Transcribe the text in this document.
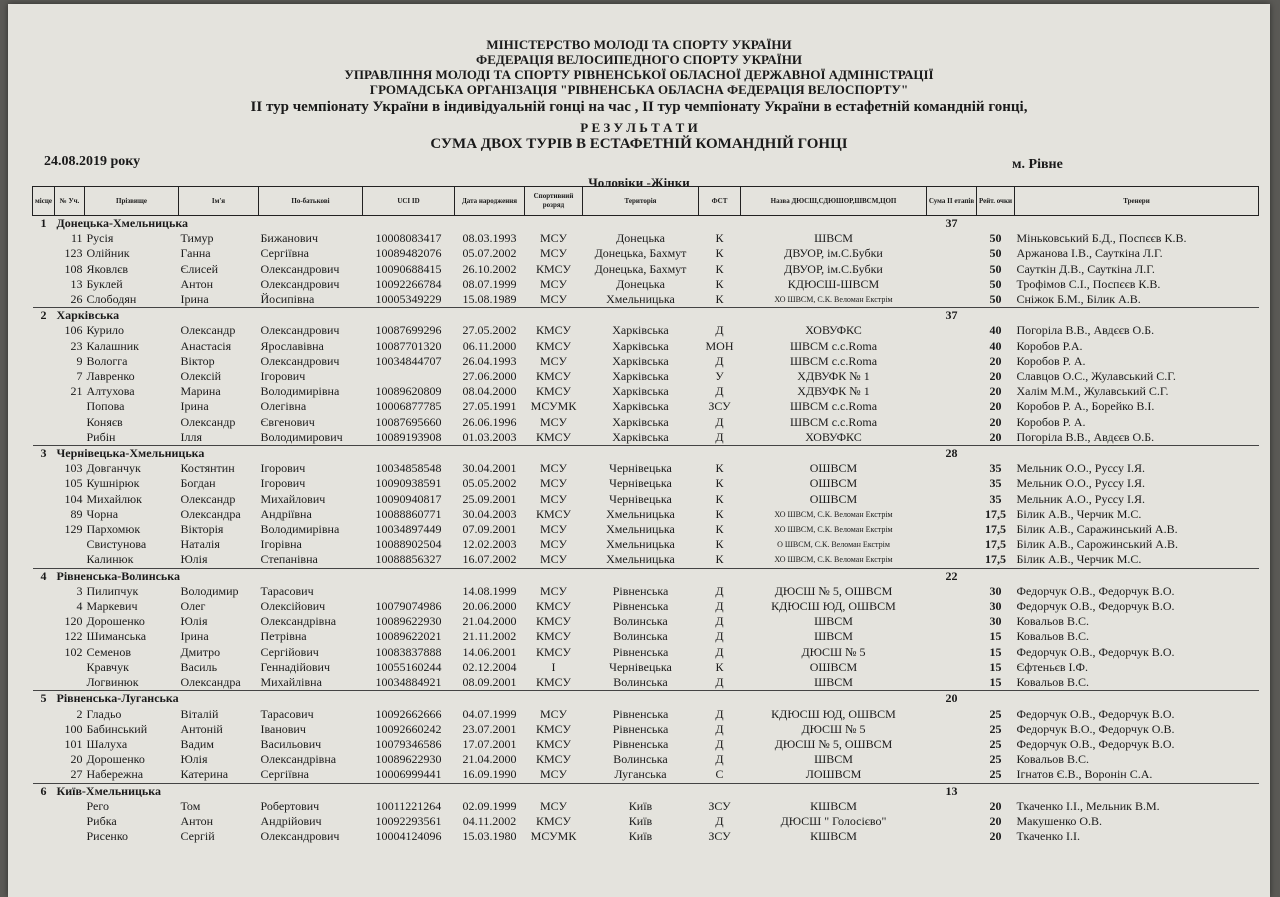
МІНІСТЕРСТВО МОЛОДІ ТА СПОРТУ УКРАЇНИ
ФЕДЕРАЦІЯ ВЕЛОСИПЕДНОГО СПОРТУ УКРАЇНИ
УПРАВЛІННЯ МОЛОДІ ТА СПОРТУ РІВНЕНСЬКОЇ ОБЛАСНОЇ ДЕРЖАВНОЇ АДМІНІСТРАЦІЇ
ГРОМАДСЬКА ОРГАНІЗАЦІЯ "РІВНЕНСЬКА ОБЛАСНА ФЕДЕРАЦІЯ ВЕЛОСПОРТУ"
ІІ тур чемпіонату України в індивідуальній гонці на час , ІІ тур чемпіонату України в естафетній командній гонці,
Р Е З У Л Ь Т А Т И
СУМА ДВОХ ТУРІВ В ЕСТАФЕТНІЙ КОМАНДНІЙ ГОНЦІ
24.08.2019 року	м. Рівне
Чоловіки -Жінки
місце	№ Уч.	Прізвище	Ім'я	По-батькові	UCI ID	Дата народження	Спортивний розряд	Територія	ФСТ	Назва ДЮСШ,СДЮШОР,ШВСМ,ЦОП	Сума ІІ етапів	Рейт. очки	Тренери
1	Донецька-Хмельницька										37		
	11	Русія	Тимур	Бижанович	10008083417	08.03.1993	МСУ	Донецька	К	ШВСМ		50	Міньковський Б.Д., Поспєєв К.В.
	123	Олійник	Ганна	Сергіївна	10089482076	05.07.2002	МСУ	Донецька, Бахмут	К	ДВУОР, ім.С.Бубки		50	Аржанова І.В., Сауткіна Л.Г.
	108	Яковлєв	Єлисей	Олександрович	10090688415	26.10.2002	КМСУ	Донецька, Бахмут	К	ДВУОР, ім.С.Бубки		50	Сауткін Д.В., Сауткіна Л.Г.
	13	Буклей	Антон	Олександрович	10092266784	08.07.1999	МСУ	Донецька	К	КДЮСШ-ШВСМ		50	Трофімов С.І., Поспєєв К.В.
	26	Слободян	Ірина	Йосипівна	10005349229	15.08.1989	МСУ	Хмельницька	К	ХО ШВСМ, С.К. Веломан Екстрім		50	Сніжок Б.М., Білик А.В.
2	Харківська										37		
	106	Курило	Олександр	Олександрович	10087699296	27.05.2002	КМСУ	Харківська	Д	ХОВУФКС		40	Погорiла В.В., Авдєєв О.Б.
	23	Калашник	Анастасія	Ярославівна	10087701320	06.11.2000	КМСУ	Харківська	МОН	ШВСМ с.с.Roma		40	Коробов Р.А.
	9	Вологга	Віктор	Олександрович	10034844707	26.04.1993	МСУ	Харківська	Д	ШВСМ с.с.Roma		20	Коробов Р. А.
	7	Лавренко	Олексій	Ігорович		27.06.2000	КМСУ	Харківська	У	ХДВУФК № 1		20	Славцов О.С., Жулавський С.Г.
	21	Алтухова	Марина	Володимирівна	10089620809	08.04.2000	КМСУ	Харківська	Д	ХДВУФК № 1		20	Халiм М.М., Жулавський С.Г.
		Попова	Ірина	Олегівна	10006877785	27.05.1991	МСУМК	Харківська	ЗСУ	ШВСМ с.с.Roma		20	Коробов Р. А., Борейко В.І.
		Коняєв	Олександр	Євгенович	10087695660	26.06.1996	МСУ	Харківська	Д	ШВСМ с.с.Roma		20	Коробов Р. А.
		Рибін	Ілля	Володимирович	10089193908	01.03.2003	КМСУ	Харківська	Д	ХОВУФКС		20	Погорiла В.В., Авдєєв О.Б.
3	Чернівецька-Хмельницька										28		
	103	Довганчук	Костянтин	Ігорович	10034858548	30.04.2001	МСУ	Чернівецька	К	ОШВСМ		35	Мельник О.О., Руссу І.Я.
	105	Кушнірюк	Богдан	Ігорович	10090938591	05.05.2002	МСУ	Чернівецька	К	ОШВСМ		35	Мельник О.О., Руссу І.Я.
	104	Михайлюк	Олександр	Михайлович	10090940817	25.09.2001	МСУ	Чернівецька	К	ОШВСМ		35	Мельник А.О., Руссу І.Я.
	89	Чорна	Олександра	Андріївна	10088860771	30.04.2003	КМСУ	Хмельницька	К	ХО ШВСМ, С.К. Веломан Екстрім		17,5	Білик А.В., Черчик М.С.
	129	Пархомюк	Вікторія	Володимирівна	10034897449	07.09.2001	МСУ	Хмельницька	К	ХО ШВСМ, С.К. Веломан Екстрім		17,5	Білик А.В., Саражинський А.В.
		Свистунова	Наталія	Ігорівна	10088902504	12.02.2003	МСУ	Хмельницька	К	О ШВСМ, С.К. Веломан Екстрім		17,5	Білик А.В., Сарожинський А.В.
		Калинюк	Юлія	Степанівна	10088856327	16.07.2002	МСУ	Хмельницька	К	ХО ШВСМ, С.К. Веломан Екстрім		17,5	Білик А.В., Черчик М.С.
4	Рівненська-Волинська										22		
	3	Пилипчук	Володимир	Тарасович		14.08.1999	МСУ	Рівненська	Д	ДЮСШ № 5, ОШВСМ		30	Федорчук О.В., Федорчук В.О.
	4	Маркевич	Олег	Олексійович	10079074986	20.06.2000	КМСУ	Рівненська	Д	КДЮСШ ЮД, ОШВСМ		30	Федорчук О.В., Федорчук В.О.
	120	Дорошенко	Юлія	Олександрівна	10089622930	21.04.2000	КМСУ	Волинська	Д	ШВСМ		30	Ковальов В.С.
	122	Шиманська	Ірина	Петрівна	10089622021	21.11.2002	КМСУ	Волинська	Д	ШВСМ		15	Ковальов В.С.
	102	Семенов	Дмитро	Сергійович	10083837888	14.06.2001	КМСУ	Рівненська	Д	ДЮСШ № 5		15	Федорчук О.В., Федорчук В.О.
		Кравчук	Василь	Геннадійович	10055160244	02.12.2004	І	Чернівецька	К	ОШВСМ		15	Єфтеньєв І.Ф.
		Логвинюк	Олександра	Михайлівна	10034884921	08.09.2001	КМСУ	Волинська	Д	ШВСМ		15	Ковальов В.С.
5	Рівненська-Луганська										20		
	2	Гладьо	Віталій	Тарасович	10092662666	04.07.1999	МСУ	Рівненська	Д	КДЮСШ ЮД, ОШВСМ		25	Федорчук О.В., Федорчук В.О.
	100	Бабинський	Антоній	Іванович	10092660242	23.07.2001	КМСУ	Рівненська	Д	ДЮСШ № 5		25	Федорчук В.О., Федорчук О.В.
	101	Шалуха	Вадим	Васильович	10079346586	17.07.2001	КМСУ	Рівненська	Д	ДЮСШ № 5, ОШВСМ		25	Федорчук О.В., Федорчук В.О.
	20	Дорошенко	Юлія	Олександрівна	10089622930	21.04.2000	КМСУ	Волинська	Д	ШВСМ		25	Ковальов В.С.
	27	Набережна	Катерина	Сергіївна	10006999441	16.09.1990	МСУ	Луганська	С	ЛОШВСМ		25	Ігнатов Є.В., Воронін С.А.
6	Київ-Хмельницька										13		
		Рего	Том	Робертович	10011221264	02.09.1999	МСУ	Київ	ЗСУ	КШВСМ		20	Ткаченко І.І., Мельник В.М.
		Рибка	Антон	Андрійович	10092293561	04.11.2002	КМСУ	Київ	Д	ДЮСШ " Голосієво"		20	Макушенко О.В.
		Рисенко	Сергій	Олександрович	10004124096	15.03.1980	МСУМК	Київ	ЗСУ	КШВСМ		20	Ткаченко І.І.
